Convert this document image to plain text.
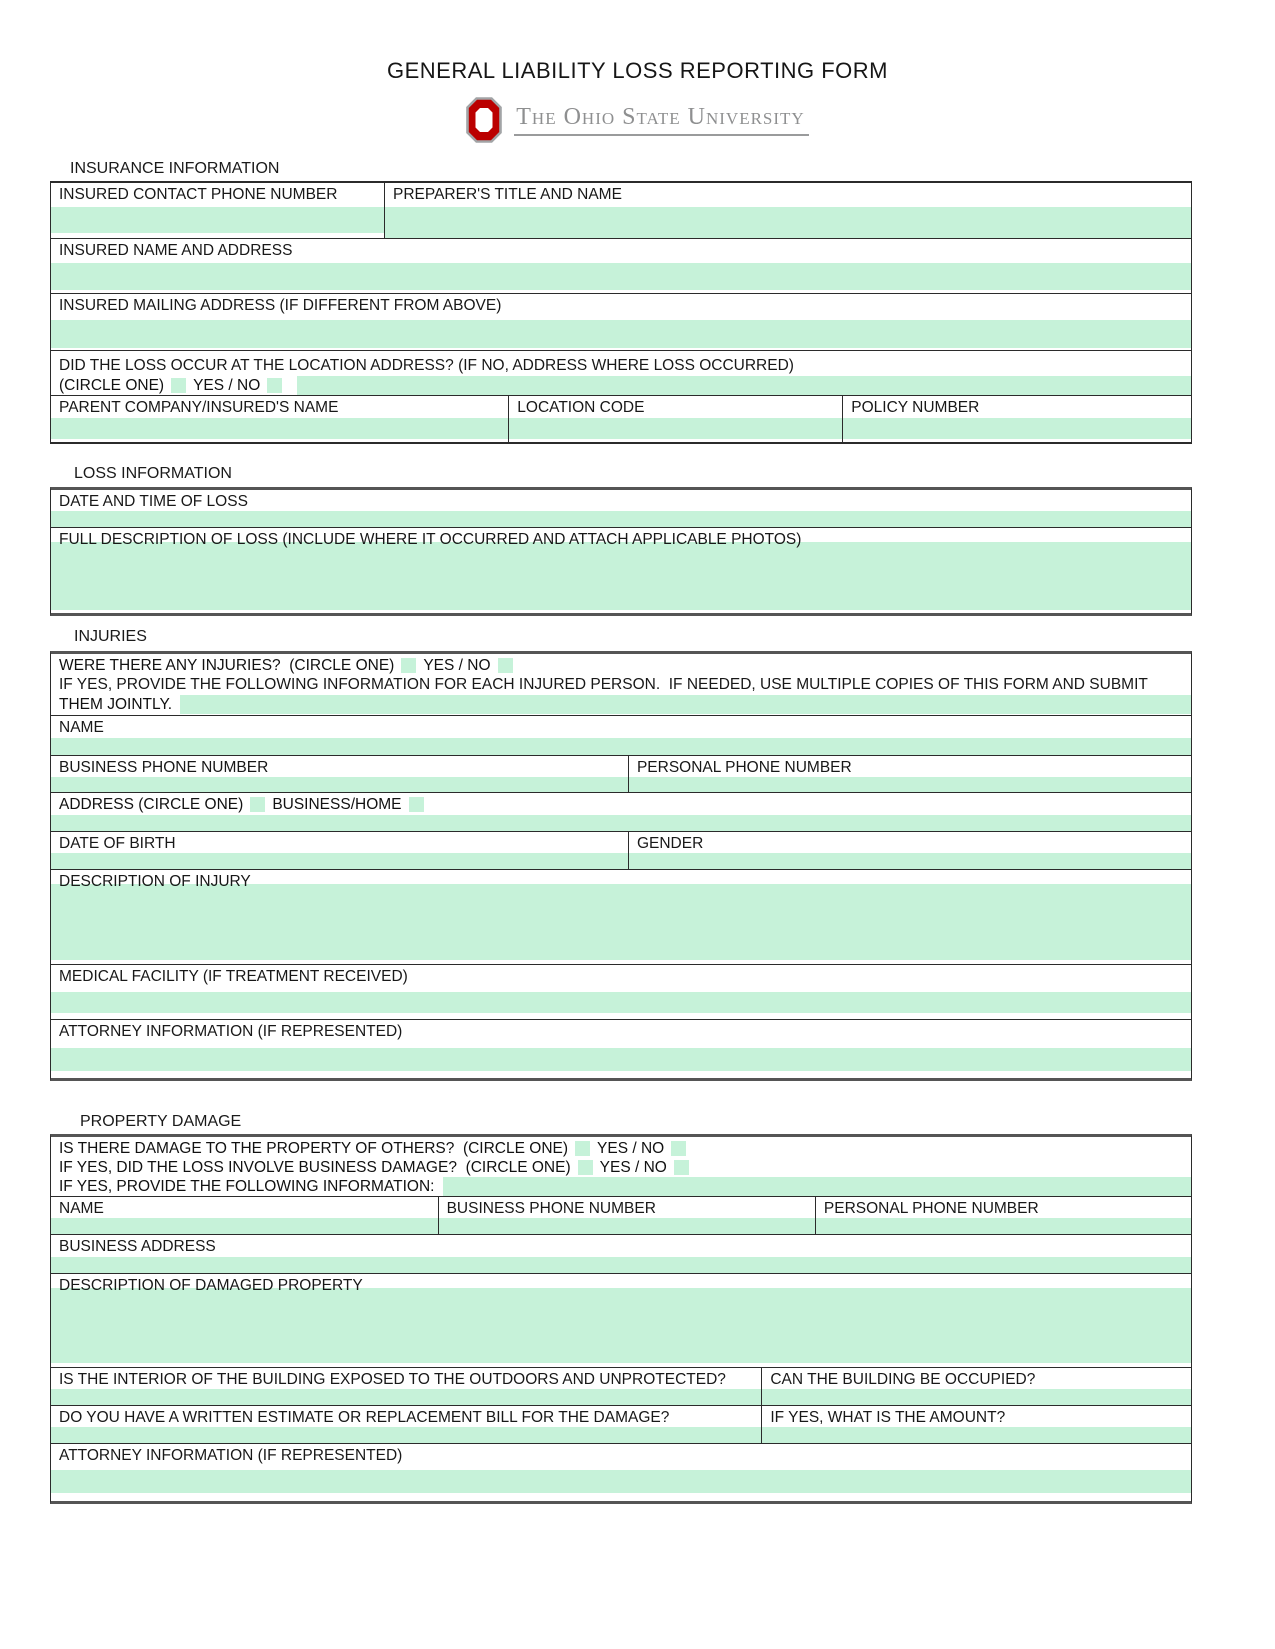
GENERAL LIABILITY LOSS REPORTING FORM
The Ohio State University
INSURANCE INFORMATION
INSURED CONTACT PHONE NUMBER	PREPARER'S TITLE AND NAME
INSURED NAME AND ADDRESS
INSURED MAILING ADDRESS (IF DIFFERENT FROM ABOVE)
DID THE LOSS OCCUR AT THE LOCATION ADDRESS? (IF NO, ADDRESS WHERE LOSS OCCURRED)
(CIRCLE ONE) YES / NO
PARENT COMPANY/INSURED'S NAME	LOCATION CODE	POLICY NUMBER
LOSS INFORMATION
DATE AND TIME OF LOSS
FULL DESCRIPTION OF LOSS (INCLUDE WHERE IT OCCURRED AND ATTACH APPLICABLE PHOTOS)
INJURIES
WERE THERE ANY INJURIES?  (CIRCLE ONE) YES / NO
IF YES, PROVIDE THE FOLLOWING INFORMATION FOR EACH INJURED PERSON.  IF NEEDED, USE MULTIPLE COPIES OF THIS FORM AND SUBMIT
THEM JOINTLY.
NAME
BUSINESS PHONE NUMBER	PERSONAL PHONE NUMBER
ADDRESS (CIRCLE ONE) BUSINESS/HOME
DATE OF BIRTH	GENDER
DESCRIPTION OF INJURY
MEDICAL FACILITY (IF TREATMENT RECEIVED)
ATTORNEY INFORMATION (IF REPRESENTED)
PROPERTY DAMAGE
IS THERE DAMAGE TO THE PROPERTY OF OTHERS?  (CIRCLE ONE) YES / NO
IF YES, DID THE LOSS INVOLVE BUSINESS DAMAGE?  (CIRCLE ONE) YES / NO
IF YES, PROVIDE THE FOLLOWING INFORMATION:
NAME	BUSINESS PHONE NUMBER	PERSONAL PHONE NUMBER
BUSINESS ADDRESS
DESCRIPTION OF DAMAGED PROPERTY
IS THE INTERIOR OF THE BUILDING EXPOSED TO THE OUTDOORS AND UNPROTECTED?	CAN THE BUILDING BE OCCUPIED?
DO YOU HAVE A WRITTEN ESTIMATE OR REPLACEMENT BILL FOR THE DAMAGE?	IF YES, WHAT IS THE AMOUNT?
ATTORNEY INFORMATION (IF REPRESENTED)
